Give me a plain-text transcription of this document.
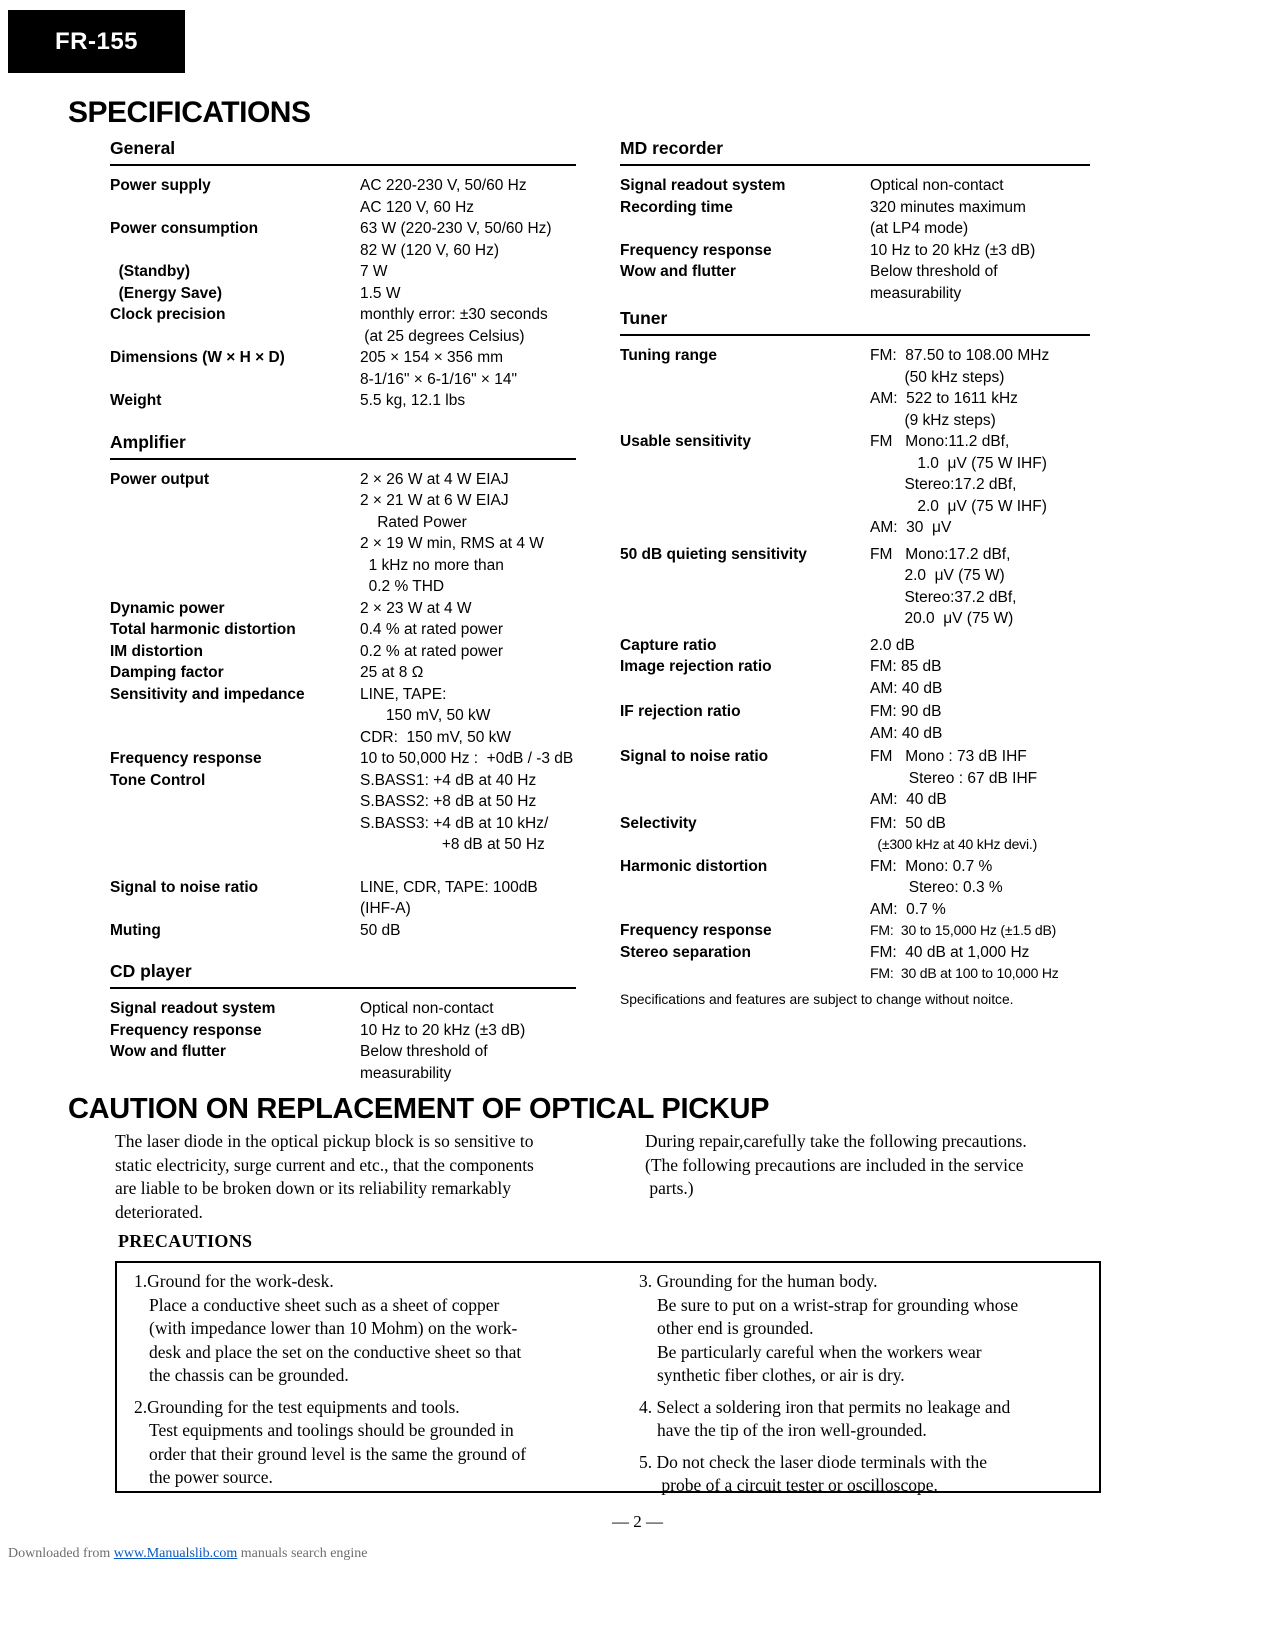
FR-155
SPECIFICATIONS
General
Power supply	AC 220-230 V, 50/60 Hz
AC 120 V, 60 Hz
Power consumption	63 W (220-230 V, 50/60 Hz)
82 W (120 V, 60 Hz)
(Standby)	7 W
(Energy Save)	1.5 W
Clock precision	monthly error: ±30 seconds
(at 25 degrees Celsius)
Dimensions (W × H × D)	205 × 154 × 356 mm
8-1/16" × 6-1/16" × 14"
Weight	5.5 kg, 12.1 lbs
Amplifier
Power output	2 × 26 W at 4 W EIAJ
2 × 21 W at 6 W EIAJ
Rated Power
2 × 19 W min, RMS at 4 W
1 kHz no more than
0.2 % THD
Dynamic power	2 × 23 W at 4 W
Total harmonic distortion	0.4 % at rated power
IM distortion	0.2 % at rated power
Damping factor	25 at 8 Ω
Sensitivity and impedance	LINE, TAPE:
150 mV, 50 kW
CDR:  150 mV, 50 kW
Frequency response	10 to 50,000 Hz :  +0dB / -3 dB
Tone Control	S.BASS1: +4 dB at 40 Hz
S.BASS2: +8 dB at 50 Hz
S.BASS3: +4 dB at 10 kHz/
+8 dB at 50 Hz
Signal to noise ratio	LINE, CDR, TAPE: 100dB
(IHF-A)
Muting	50 dB
CD player
Signal readout system	Optical non-contact
Frequency response	10 Hz to 20 kHz (±3 dB)
Wow and flutter	Below threshold of
measurability
MD recorder
Signal readout system	Optical non-contact
Recording time	320 minutes maximum
(at LP4 mode)
Frequency response	10 Hz to 20 kHz (±3 dB)
Wow and flutter	Below threshold of
measurability
Tuner
Tuning range	FM:  87.50 to 108.00 MHz
(50 kHz steps)
AM:  522 to 1611 kHz
(9 kHz steps)
Usable sensitivity	FM   Mono:11.2 dBf,
1.0  μV (75 W IHF)
Stereo:17.2 dBf,
2.0  μV (75 W IHF)
AM:  30  μV
50 dB quieting sensitivity	FM   Mono:17.2 dBf,
2.0  μV (75 W)
Stereo:37.2 dBf,
20.0  μV (75 W)
Capture ratio	2.0 dB
Image rejection ratio	FM: 85 dB
AM: 40 dB
IF rejection ratio	FM: 90 dB
AM: 40 dB
Signal to noise ratio	FM   Mono : 73 dB IHF
Stereo : 67 dB IHF
AM:  40 dB
Selectivity	FM:  50 dB
(±300 kHz at 40 kHz devi.)
Harmonic distortion	FM:  Mono: 0.7 %
Stereo: 0.3 %
AM:  0.7 %
Frequency response	FM:  30 to 15,000 Hz (±1.5 dB)
Stereo separation	FM:  40 dB at 1,000 Hz
FM:  30 dB at 100 to 10,000 Hz
Specifications and features are subject to change without noitce.
CAUTION ON REPLACEMENT OF OPTICAL PICKUP
The laser diode in the optical pickup block is so sensitive to
static electricity, surge current and etc., that the components
are liable to be broken down or its reliability remarkably
deteriorated.
During repair,carefully take the following precautions.
(The following precautions are included in the service
parts.)
PRECAUTIONS
1.Ground for the work-desk.
Place a conductive sheet such as a sheet of copper
(with impedance lower than 10 Mohm) on the work-
desk and place the set on the conductive sheet so that
the chassis can be grounded.
2.Grounding for the test equipments and tools.
Test equipments and toolings should be grounded in
order that their ground level is the same the ground of
the power source.
3. Grounding for the human body.
Be sure to put on a wrist-strap for grounding whose
other end is grounded.
Be particularly careful when the workers wear
synthetic fiber clothes, or air is dry.
4. Select a soldering iron that permits no leakage and
have the tip of the iron well-grounded.
5. Do not check the laser diode terminals with the
probe of a circuit tester or oscilloscope.
— 2 —
Downloaded from www.Manualslib.com manuals search engine
